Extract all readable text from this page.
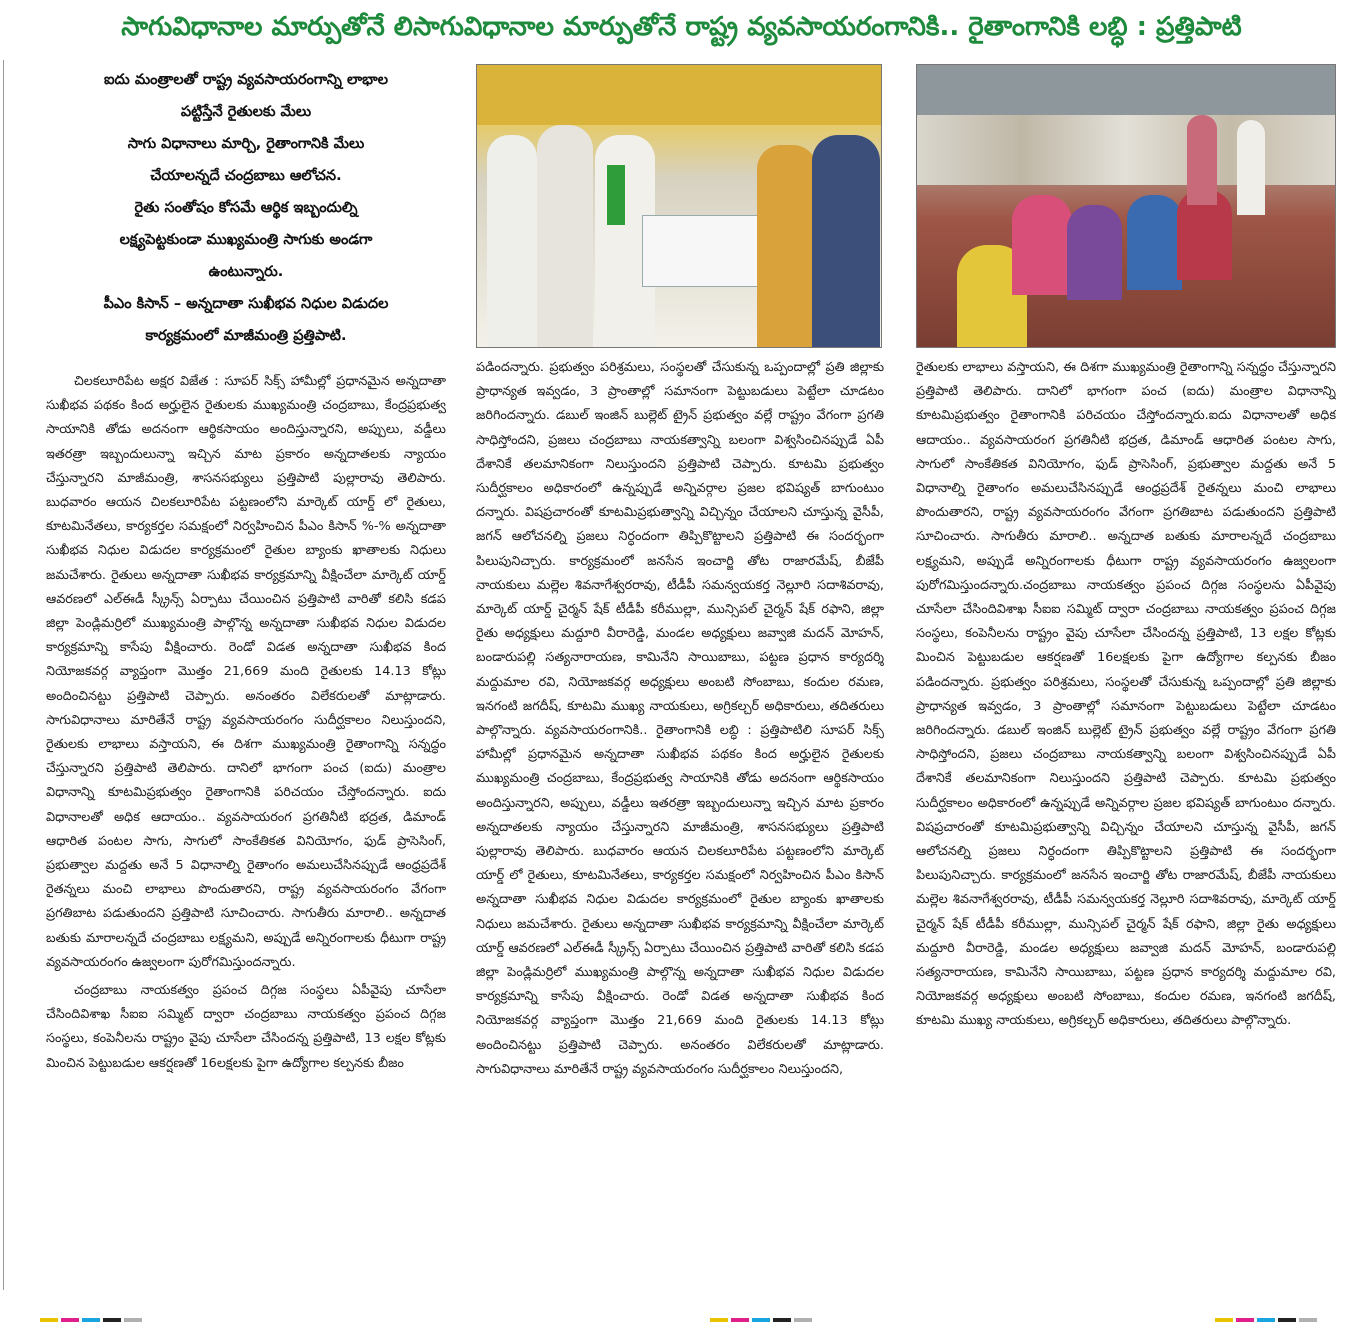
సాగువిధానాల మార్పుతోనే లిసాగువిధానాల మార్పుతోనే రాష్ట్ర వ్యవసాయరంగానికి.. రైతాంగానికి లబ్ధి : ప్రత్తిపాటి

ఐదు మంత్రాలతో రాష్ట్ర వ్యవసాయరంగాన్ని లాభాల

పట్టిస్తేనే రైతులకు మేలు

సాగు విధానాలు మార్చి, రైతాంగానికి మేలు

చేయాలన్నదే చంద్రబాబు ఆలోచన.

రైతు సంతోషం కోసమే ఆర్థిక ఇబ్బందుల్ని

లక్ష్యపెట్టకుండా ముఖ్యమంత్రి సాగుకు అండగా

ఉంటున్నారు.

పీఎం కిసాన్ – అన్నదాతా సుఖీభవ నిధుల విడుదల

కార్యక్రమంలో మాజీమంత్రి ప్రత్తిపాటి.

చిలకలూరిపేట అక్షర విజేత : సూపర్ సిక్స్ హామీల్లో ప్రధానమైన అన్నదాతా సుఖీభవ పథకం కింద అర్హులైన రైతులకు ముఖ్యమంత్రి చంద్రబాబు, కేంద్రప్రభుత్వ సాయానికి తోడు అదనంగా ఆర్థికసాయం అందిస్తున్నారని, అప్పులు, వడ్డీలు ఇతరత్రా ఇబ్బందులున్నా ఇచ్చిన మాట ప్రకారం అన్నదాతలకు న్యాయం చేస్తున్నారని మాజీమంత్రి, శాసనసభ్యులు ప్రత్తిపాటి పుల్లారావు తెలిపారు. బుధవారం ఆయన చిలకలూరిపేట పట్టణంలోని మార్కెట్ యార్డ్ లో రైతులు, కూటమినేతలు, కార్యకర్తల సమక్షంలో నిర్వహించిన పీఎం కిసాన్ %-% అన్నదాతా సుఖీభవ నిధుల విడుదల కార్యక్రమంలో రైతుల బ్యాంకు ఖాతాలకు నిధులు జమచేశారు. రైతులు అన్నదాతా సుఖీభవ కార్యక్రమాన్ని వీక్షించేలా మార్కెట్ యార్డ్ ఆవరణలో ఎల్ఈడీ స్క్రీన్స్ ఏర్పాటు చేయించిన ప్రత్తిపాటి వారితో కలిసి కడప జిల్లా పెండ్లిమర్రిలో ముఖ్యమంత్రి పాల్గొన్న అన్నదాతా సుఖీభవ నిధుల విడుదల కార్యక్రమాన్ని కాసేపు వీక్షించారు. రెండో విడత అన్నదాతా సుఖీభవ కింద నియోజకవర్గ వ్యాప్తంగా మొత్తం 21,669 మంది రైతులకు 14.13 కోట్లు అందించినట్టు ప్రత్తిపాటి చెప్పారు. అనంతరం విలేకరులతో మాట్లాడారు. సాగువిధానాలు మారితేనే రాష్ట్ర వ్యవసాయరంగం సుదీర్ఘకాలం నిలుస్తుందని, రైతులకు లాభాలు వస్తాయని, ఈ దిశగా ముఖ్యమంత్రి రైతాంగాన్ని సన్నద్ధం చేస్తున్నారని ప్రత్తిపాటి తెలిపారు. దానిలో భాగంగా పంచ (ఐదు) మంత్రాల విధానాన్ని కూటమిప్రభుత్వం రైతాంగానికి పరిచయం చేస్తోందన్నారు. ఐదు విధానాలతో అధిక ఆదాయం.. వ్యవసాయరంగ ప్రగతినీటి భద్రత, డిమాండ్ ఆధారిత పంటల సాగు, సాగులో సాంకేతికత వినియోగం, ఫుడ్ ప్రాసెసింగ్, ప్రభుత్వాల మద్దతు అనే 5 విధానాల్ని రైతాంగం అమలుచేసినప్పుడే ఆంధ్రప్రదేశ్ రైతన్నలు మంచి లాభాలు పొందుతారని, రాష్ట్ర వ్యవసాయరంగం వేగంగా ప్రగతిబాట పడుతుందని ప్రత్తిపాటి సూచించారు. సాగుతీరు మారాలి.. అన్నదాత బతుకు మారాలన్నదే చంద్రబాబు లక్ష్యమని, అప్పుడే అన్నిరంగాలకు ధీటుగా రాష్ట్ర వ్యవసాయరంగం ఉజ్వలంగా పురోగమిస్తుందన్నారు.

చంద్రబాబు నాయకత్వం ప్రపంచ దిగ్గజ సంస్థలు ఏపీవైపు చూసేలా చేసిందివిశాఖ సీఐఐ సమ్మిట్ ద్వారా చంద్రబాబు నాయకత్వం ప్రపంచ దిగ్గజ సంస్థలు, కంపెనీలను రాష్ట్రం వైపు చూసేలా చేసిందన్న ప్రత్తిపాటి, 13 లక్షల కోట్లకు మించిన పెట్టుబడుల ఆకర్షణతో 16లక్షలకు పైగా ఉద్యోగాల కల్పనకు బీజం

పడిందన్నారు. ప్రభుత్వం పరిశ్రమలు, సంస్థలతో చేసుకున్న ఒప్పందాల్లో ప్రతి జిల్లాకు ప్రాధాన్యత ఇవ్వడం, 3 ప్రాంతాల్లో సమానంగా పెట్టుబడులు పెట్టేలా చూడటం జరిగిందన్నారు. డబుల్ ఇంజిన్ బుల్లెట్ ట్రైన్ ప్రభుత్వం వల్లే రాష్ట్రం వేగంగా ప్రగతి సాధిస్తోందని, ప్రజలు చంద్రబాబు నాయకత్వాన్ని బలంగా విశ్వసించినప్పుడే ఏపీ దేశానికే తలమానికంగా నిలుస్తుందని ప్రత్తిపాటి చెప్పారు. కూటమి ప్రభుత్వం సుదీర్ఘకాలం అధికారంలో ఉన్నప్పుడే అన్నివర్గాల ప్రజల భవిష్యత్ బాగుంటుం దన్నారు. విషప్రచారంతో కూటమిప్రభుత్వాన్ని విచ్చిన్నం చేయాలని చూస్తున్న వైసీపీ, జగన్ ఆలోచనల్ని ప్రజలు నిర్ధందంగా తిప్పికొట్టాలని ప్రత్తిపాటి ఈ సందర్భంగా పిలుపునిచ్చారు. కార్యక్రమంలో జనసేన ఇంచార్జి తోట రాజారమేష్, బీజేపీ నాయకులు మల్లెల శివనాగేశ్వరరావు, టీడీపీ సమన్వయకర్త నెల్లూరి సదాశివరావు, మార్కెట్ యార్డ్ చైర్మన్ షేక్ టీడీపీ కరీముల్లా, మున్సిపల్ చైర్మన్ షేక్ రఫాని, జిల్లా రైతు అధ్యక్షులు మద్దూరి వీరారెడ్డి, మండల అధ్యక్షులు జవ్వాజి మదన్ మోహన్, బండారుపల్లి సత్యనారాయణ, కామినేని సాయిబాబు, పట్టణ ప్రధాన కార్యదర్శి మద్దుమాల రవి, నియోజకవర్గ అధ్యక్షులు అంబటి సోంబాబు, కందుల రమణ, ఇనగంటి జగదీష్, కూటమి ముఖ్య నాయకులు, అగ్రికల్చర్ అధికారులు, తదితరులు పాల్గొన్నారు. వ్యవసాయరంగానికి.. రైతాంగానికి లబ్ధి : ప్రత్తిపాటిలి సూపర్ సిక్స్ హామీల్లో ప్రధానమైన అన్నదాతా సుఖీభవ పథకం కింద అర్హులైన రైతులకు ముఖ్యమంత్రి చంద్రబాబు, కేంద్రప్రభుత్వ సాయానికి తోడు అదనంగా ఆర్థికసాయం అందిస్తున్నారని, అప్పులు, వడ్డీలు ఇతరత్రా ఇబ్బందులున్నా ఇచ్చిన మాట ప్రకారం అన్నదాతలకు న్యాయం చేస్తున్నారని మాజీమంత్రి, శాసనసభ్యులు ప్రత్తిపాటి పుల్లారావు తెలిపారు. బుధవారం ఆయన చిలకలూరిపేట పట్టణంలోని మార్కెట్ యార్డ్ లో రైతులు, కూటమినేతలు, కార్యకర్తల సమక్షంలో నిర్వహించిన పీఎం కిసాన్ అన్నదాతా సుఖీభవ నిధుల విడుదల కార్యక్రమంలో రైతుల బ్యాంకు ఖాతాలకు నిధులు జమచేశారు. రైతులు అన్నదాతా సుఖీభవ కార్యక్రమాన్ని వీక్షించేలా మార్కెట్ యార్డ్ ఆవరణలో ఎల్ఈడీ స్క్రీన్స్ ఏర్పాటు చేయించిన ప్రత్తిపాటి వారితో కలిసి కడప జిల్లా పెండ్లిమర్రిలో ముఖ్యమంత్రి పాల్గొన్న అన్నదాతా సుఖీభవ నిధుల విడుదల కార్యక్రమాన్ని కాసేపు వీక్షించారు. రెండో విడత అన్నదాతా సుఖీభవ కింద నియోజకవర్గ వ్యాప్తంగా మొత్తం 21,669 మంది రైతులకు 14.13 కోట్లు అందించినట్టు ప్రత్తిపాటి చెప్పారు. అనంతరం విలేకరులతో మాట్లాడారు. సాగువిధానాలు మారితేనే రాష్ట్ర వ్యవసాయరంగం సుదీర్ఘకాలం నిలుస్తుందని,

రైతులకు లాభాలు వస్తాయని, ఈ దిశగా ముఖ్యమంత్రి రైతాంగాన్ని సన్నద్ధం చేస్తున్నారని ప్రత్తిపాటి తెలిపారు. దానిలో భాగంగా పంచ (ఐదు) మంత్రాల విధానాన్ని కూటమిప్రభుత్వం రైతాంగానికి పరిచయం చేస్తోందన్నారు.ఐదు విధానాలతో అధిక ఆదాయం.. వ్యవసాయరంగ ప్రగతినీటి భద్రత, డిమాండ్ ఆధారిత పంటల సాగు, సాగులో సాంకేతికత వినియోగం, ఫుడ్ ప్రాసెసింగ్, ప్రభుత్వాల మద్దతు అనే 5 విధానాల్ని రైతాంగం అమలుచేసినప్పుడే ఆంధ్రప్రదేశ్ రైతన్నలు మంచి లాభాలు పొందుతారని, రాష్ట్ర వ్యవసాయరంగం వేగంగా ప్రగతిబాట పడుతుందని ప్రత్తిపాటి సూచించారు. సాగుతీరు మారాలి.. అన్నదాత బతుకు మారాలన్నదే చంద్రబాబు లక్ష్యమని, అప్పుడే అన్నిరంగాలకు ధీటుగా రాష్ట్ర వ్యవసాయరంగం ఉజ్వలంగా పురోగమిస్తుందన్నారు.చంద్రబాబు నాయకత్వం ప్రపంచ దిగ్గజ సంస్థలను ఏపీవైపు చూసేలా చేసిందివిశాఖ సీఐఐ సమ్మిట్ ద్వారా చంద్రబాబు నాయకత్వం ప్రపంచ దిగ్గజ సంస్థలు, కంపెనీలను రాష్ట్రం వైపు చూసేలా చేసిందన్న ప్రత్తిపాటి, 13 లక్షల కోట్లకు మించిన పెట్టుబడుల ఆకర్షణతో 16లక్షలకు పైగా ఉద్యోగాల కల్పనకు బీజం పడిందన్నారు. ప్రభుత్వం పరిశ్రమలు, సంస్థలతో చేసుకున్న ఒప్పందాల్లో ప్రతి జిల్లాకు ప్రాధాన్యత ఇవ్వడం, 3 ప్రాంతాల్లో సమానంగా పెట్టుబడులు పెట్టేలా చూడటం జరిగిందన్నారు. డబుల్ ఇంజిన్ బుల్లెట్ ట్రైన్ ప్రభుత్వం వల్లే రాష్ట్రం వేగంగా ప్రగతి సాధిస్తోందని, ప్రజలు చంద్రబాబు నాయకత్వాన్ని బలంగా విశ్వసించినప్పుడే ఏపీ దేశానికే తలమానికంగా నిలుస్తుందని ప్రత్తిపాటి చెప్పారు. కూటమి ప్రభుత్వం సుదీర్ఘకాలం అధికారంలో ఉన్నప్పుడే అన్నివర్గాల ప్రజల భవిష్యత్ బాగుంటుం దన్నారు. విషప్రచారంతో కూటమిప్రభుత్వాన్ని విచ్చిన్నం చేయాలని చూస్తున్న వైసీపీ, జగన్ ఆలోచనల్ని ప్రజలు నిర్ధందంగా తిప్పికొట్టాలని ప్రత్తిపాటి ఈ సందర్భంగా పిలుపునిచ్చారు. కార్యక్రమంలో జనసేన ఇంచార్జి తోట రాజారమేష్, బీజేపీ నాయకులు మల్లెల శివనాగేశ్వరరావు, టీడీపీ సమన్వయకర్త నెల్లూరి సదాశివరావు, మార్కెట్ యార్డ్ చైర్మన్ షేక్ టీడీపీ కరీముల్లా, మున్సిపల్ చైర్మన్ షేక్ రఫాని, జిల్లా రైతు అధ్యక్షులు మద్దూరి వీరారెడ్డి, మండల అధ్యక్షులు జవ్వాజి మదన్ మోహన్, బండారుపల్లి సత్యనారాయణ, కామినేని సాయిబాబు, పట్టణ ప్రధాన కార్యదర్శి మద్దుమాల రవి, నియోజకవర్గ అధ్యక్షులు అంబటి సోంబాబు, కందుల రమణ, ఇనగంటి జగదీష్, కూటమి ముఖ్య నాయకులు, అగ్రికల్చర్ అధికారులు, తదితరులు పాల్గొన్నారు.
